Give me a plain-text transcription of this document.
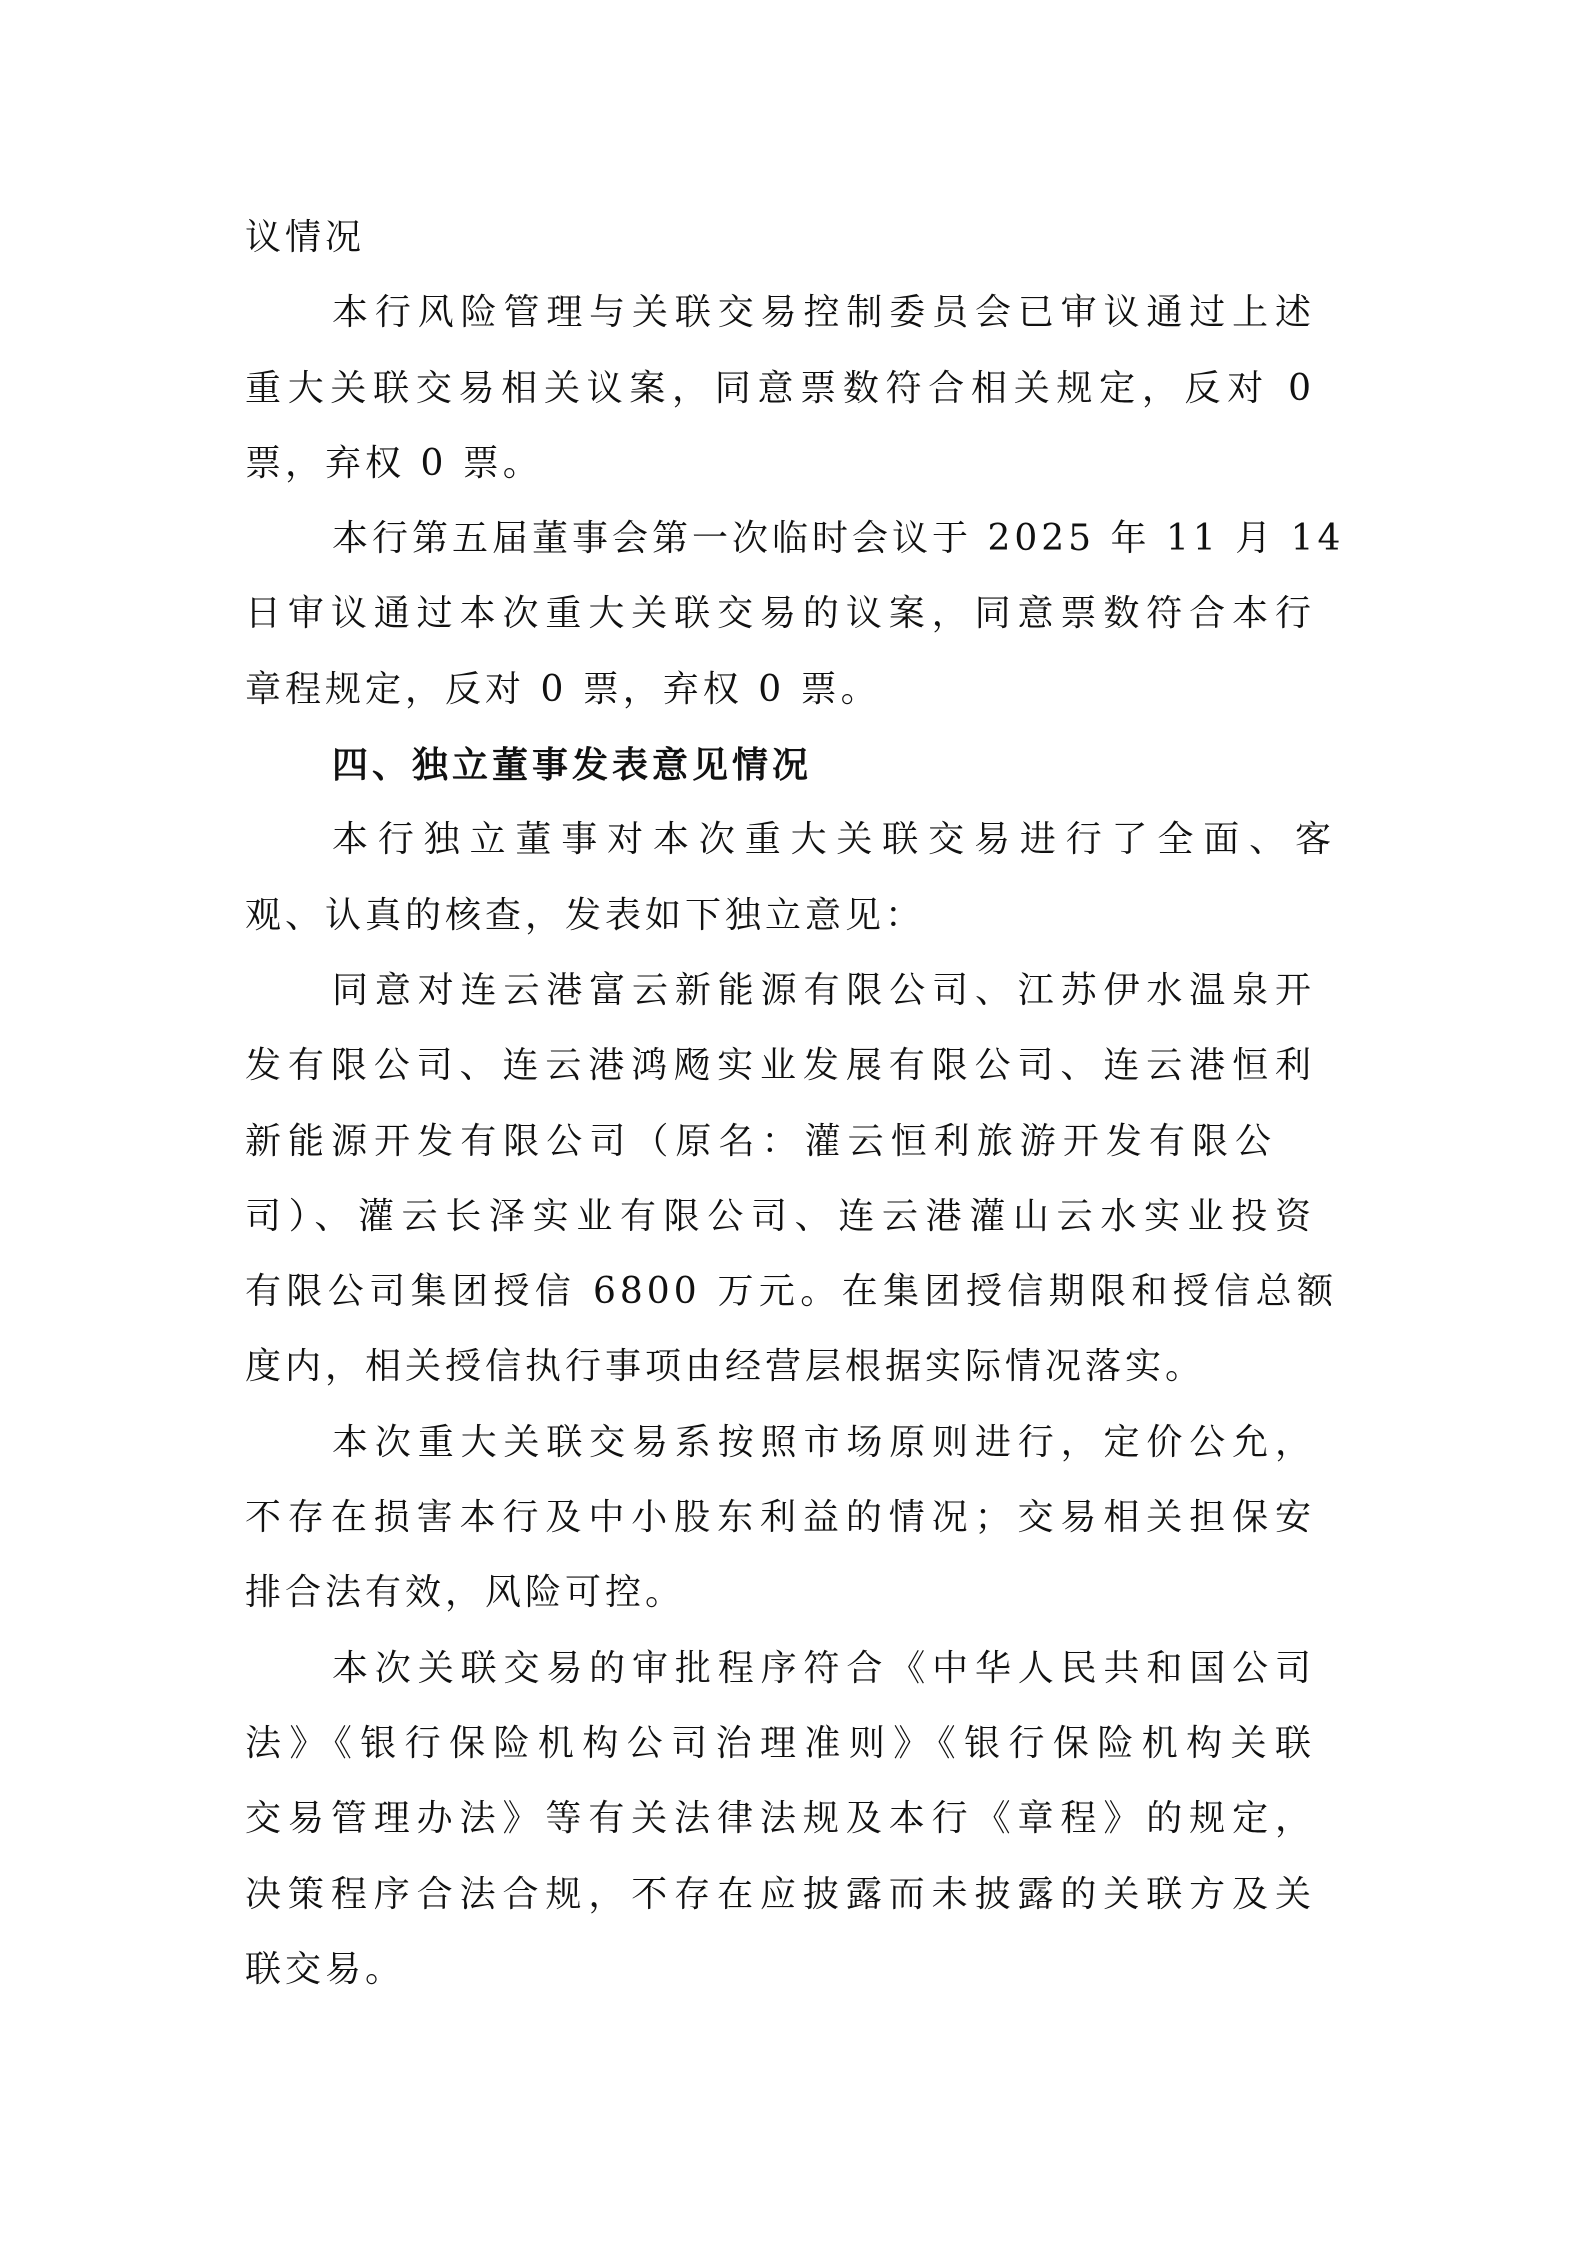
议情况
本行风险管理与关联交易控制委员会已审议通过上述
重大关联交易相关议案，同意票数符合相关规定，反对 0
票，弃权 0 票。
本行第五届董事会第一次临时会议于 2025 年 11 月 14
日审议通过本次重大关联交易的议案，同意票数符合本行
章程规定，反对 0 票，弃权 0 票。
四、独立董事发表意见情况
本行独立董事对本次重大关联交易进行了全面、客
观、认真的核查，发表如下独立意见：
同意对连云港富云新能源有限公司、江苏伊水温泉开
发有限公司、连云港鸿飏实业发展有限公司、连云港恒利
新能源开发有限公司（原名：灌云恒利旅游开发有限公
司）、灌云长泽实业有限公司、连云港灌山云水实业投资
有限公司集团授信 6800 万元。在集团授信期限和授信总额
度内，相关授信执行事项由经营层根据实际情况落实。
本次重大关联交易系按照市场原则进行，定价公允，
不存在损害本行及中小股东利益的情况；交易相关担保安
排合法有效，风险可控。
本次关联交易的审批程序符合《中华人民共和国公司
法》《银行保险机构公司治理准则》《银行保险机构关联
交易管理办法》等有关法律法规及本行《章程》的规定，
决策程序合法合规，不存在应披露而未披露的关联方及关
联交易。
